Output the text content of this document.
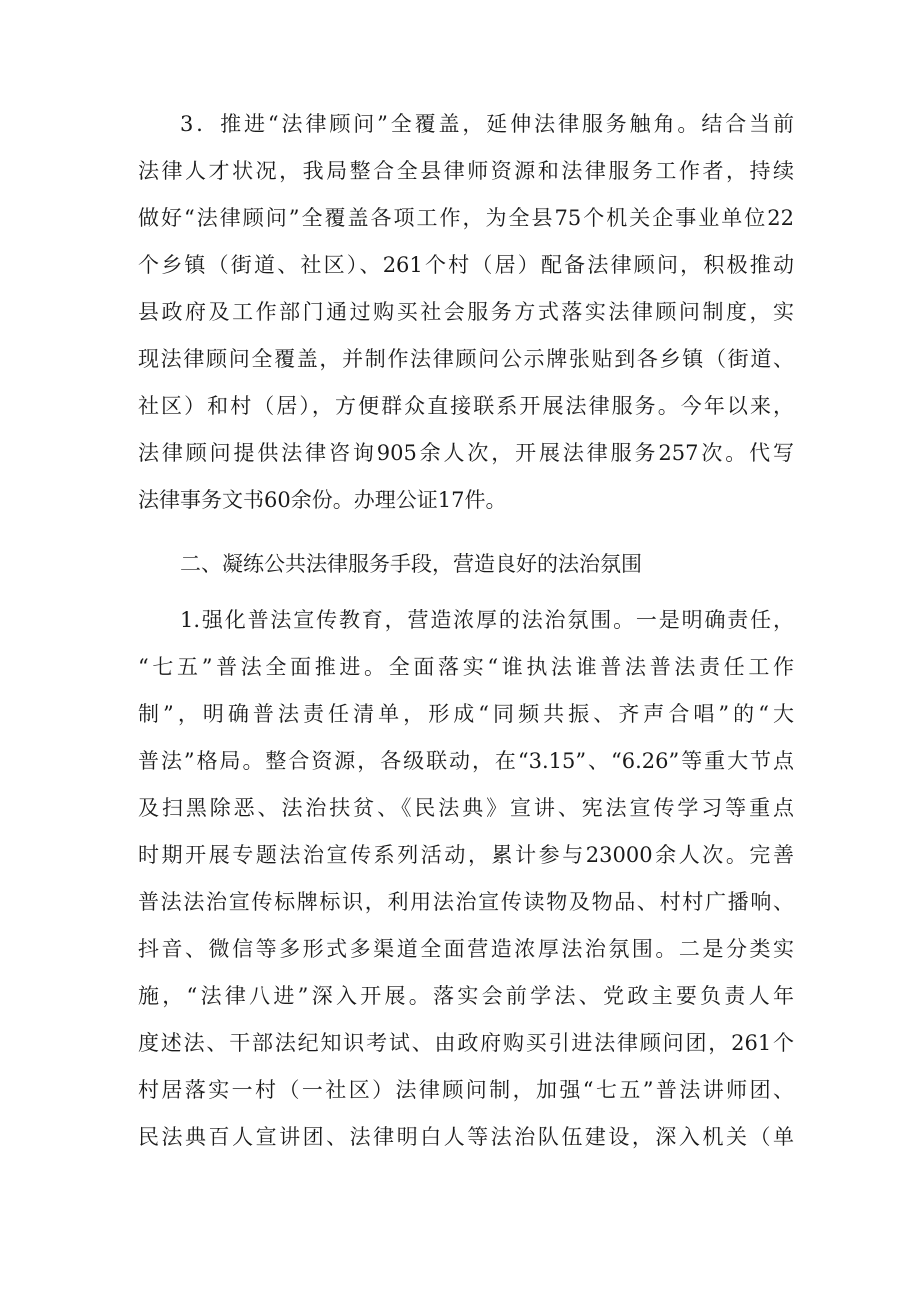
3．推进“法律顾问”全覆盖，延伸法律服务触角。结合当前
法律人才状况，我局整合全县律师资源和法律服务工作者，持续
做好“法律顾问”全覆盖各项工作，为全县75个机关企事业单位22
个乡镇（街道、社区）、261个村（居）配备法律顾问，积极推动
县政府及工作部门通过购买社会服务方式落实法律顾问制度，实
现法律顾问全覆盖，并制作法律顾问公示牌张贴到各乡镇（街道、
社区）和村（居），方便群众直接联系开展法律服务。今年以来，
法律顾问提供法律咨询905余人次，开展法律服务257次。代写
法律事务文书60余份。办理公证17件。
二、凝练公共法律服务手段，营造良好的法治氛围
1.强化普法宣传教育，营造浓厚的法治氛围。一是明确责任，
“七五”普法全面推进。全面落实“谁执法谁普法普法责任工作
制”，明确普法责任清单，形成“同频共振、齐声合唱”的“大
普法”格局。整合资源，各级联动，在“3.15”、“6.26”等重大节点
及扫黑除恶、法治扶贫、《民法典》宣讲、宪法宣传学习等重点
时期开展专题法治宣传系列活动，累计参与23000余人次。完善
普法法治宣传标牌标识，利用法治宣传读物及物品、村村广播响、
抖音、微信等多形式多渠道全面营造浓厚法治氛围。二是分类实
施，“法律八进”深入开展。落实会前学法、党政主要负责人年
度述法、干部法纪知识考试、由政府购买引进法律顾问团，261个
村居落实一村（一社区）法律顾问制，加强“七五”普法讲师团、
民法典百人宣讲团、法律明白人等法治队伍建设，深入机关（单
